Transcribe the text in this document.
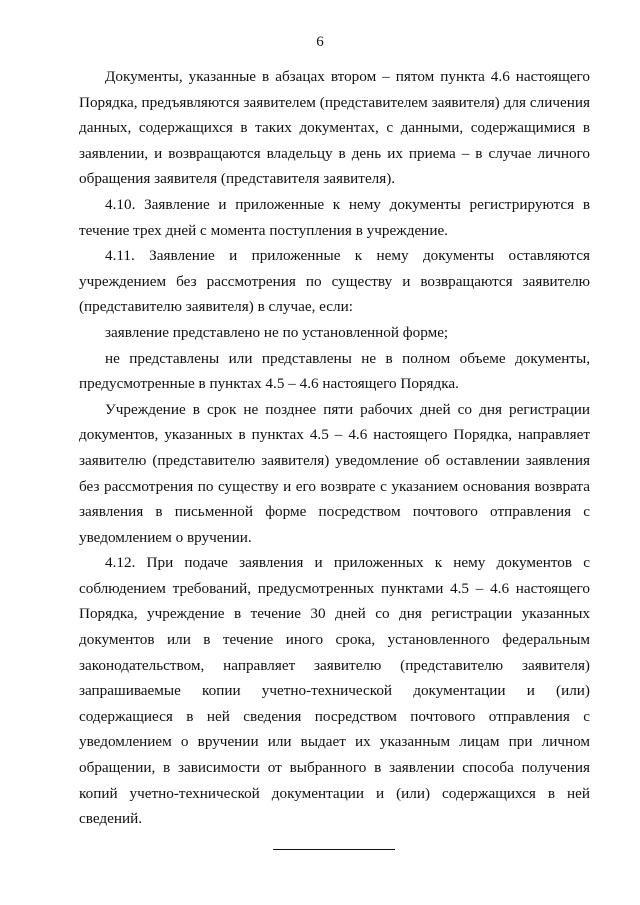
6

Документы, указанные в абзацах втором – пятом пункта 4.6 настоящего Порядка, предъявляются заявителем (представителем заявителя) для сличения данных, содержащихся в таких документах, с данными, содержащимися в заявлении, и возвращаются владельцу в день их приема – в случае личного обращения заявителя (представителя заявителя).

4.10. Заявление и приложенные к нему документы регистрируются в течение трех дней с момента поступления в учреждение.

4.11. Заявление и приложенные к нему документы оставляются учреждением без рассмотрения по существу и возвращаются заявителю (представителю заявителя) в случае, если:

заявление представлено не по установленной форме;

не представлены или представлены не в полном объеме документы, предусмотренные в пунктах 4.5 – 4.6 настоящего Порядка.

Учреждение в срок не позднее пяти рабочих дней со дня регистрации документов, указанных в пунктах 4.5 – 4.6 настоящего Порядка, направляет заявителю (представителю заявителя) уведомление об оставлении заявления без рассмотрения по существу и его возврате с указанием основания возврата заявления в письменной форме посредством почтового отправления с уведомлением о вручении.

4.12. При подаче заявления и приложенных к нему документов с соблюдением требований, предусмотренных пунктами 4.5 – 4.6 настоящего Порядка, учреждение в течение 30 дней со дня регистрации указанных документов или в течение иного срока, установленного федеральным законодательством, направляет заявителю (представителю заявителя) запрашиваемые копии учетно-технической документации и (или) содержащиеся в ней сведения посредством почтового отправления с уведомлением о вручении или выдает их указанным лицам при личном обращении, в зависимости от выбранного в заявлении способа получения копий учетно-технической документации и (или) содержащихся в ней сведений.
